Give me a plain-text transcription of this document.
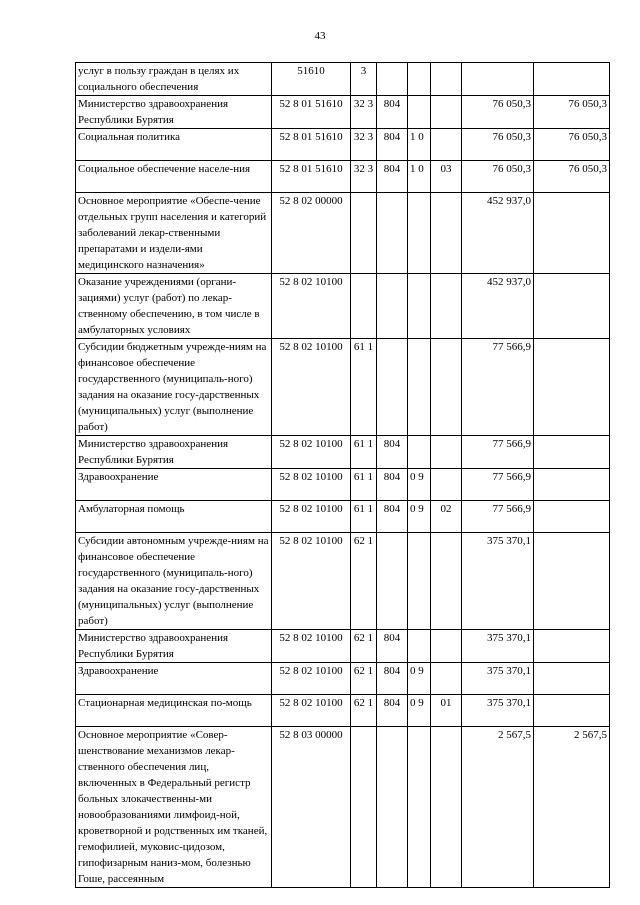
43
услуг в пользу граждан в целях их социального обеспечения	51610	3					
Министерство здравоохранения Республики Бурятия	52 8 01 51610	32 3	804			76 050,3	76 050,3
Социальная политика	52 8 01 51610	32 3	804	1 0		76 050,3	76 050,3
Социальное обеспечение населе-ния	52 8 01 51610	32 3	804	1 0	03	76 050,3	76 050,3
Основное мероприятие «Обеспе-чение отдельных групп населения и категорий заболеваний лекар-ственными препаратами и издели-ями медицинского назначения»	52 8 02 00000					452 937,0	
Оказание учреждениями (органи-зациями) услуг (работ) по лекар-ственному обеспечению, в том числе в амбулаторных условиях	52 8 02 10100					452 937,0	
Субсидии бюджетным учрежде-ниям на финансовое обеспечение государственного (муниципаль-ного) задания на оказание госу-дарственных (муниципальных) услуг (выполнение работ)	52 8 02 10100	61 1				77 566,9	
Министерство здравоохранения Республики Бурятия	52 8 02 10100	61 1	804			77 566,9	
Здравоохранение	52 8 02 10100	61 1	804	0 9		77 566,9	
Амбулаторная помощь	52 8 02 10100	61 1	804	0 9	02	77 566,9	
Субсидии автономным учрежде-ниям на финансовое обеспечение государственного (муниципаль-ного) задания на оказание госу-дарственных (муниципальных) услуг (выполнение работ)	52 8 02 10100	62 1				375 370,1	
Министерство здравоохранения Республики Бурятия	52 8 02 10100	62 1	804			375 370,1	
Здравоохранение	52 8 02 10100	62 1	804	0 9		375 370,1	
Стационарная медицинская по-мощь	52 8 02 10100	62 1	804	0 9	01	375 370,1	
Основное мероприятие «Совер-шенствование механизмов лекар-ственного обеспечения лиц, включенных в Федеральный регистр больных злокачественны-ми новообразованиями лимфоид-ной, кроветворной и родственных им тканей, гемофилией, муковис-цидозом, гипофизарным наниз-мом, болезнью Гоше, рассеянным	52 8 03 00000					2 567,5	2 567,5
